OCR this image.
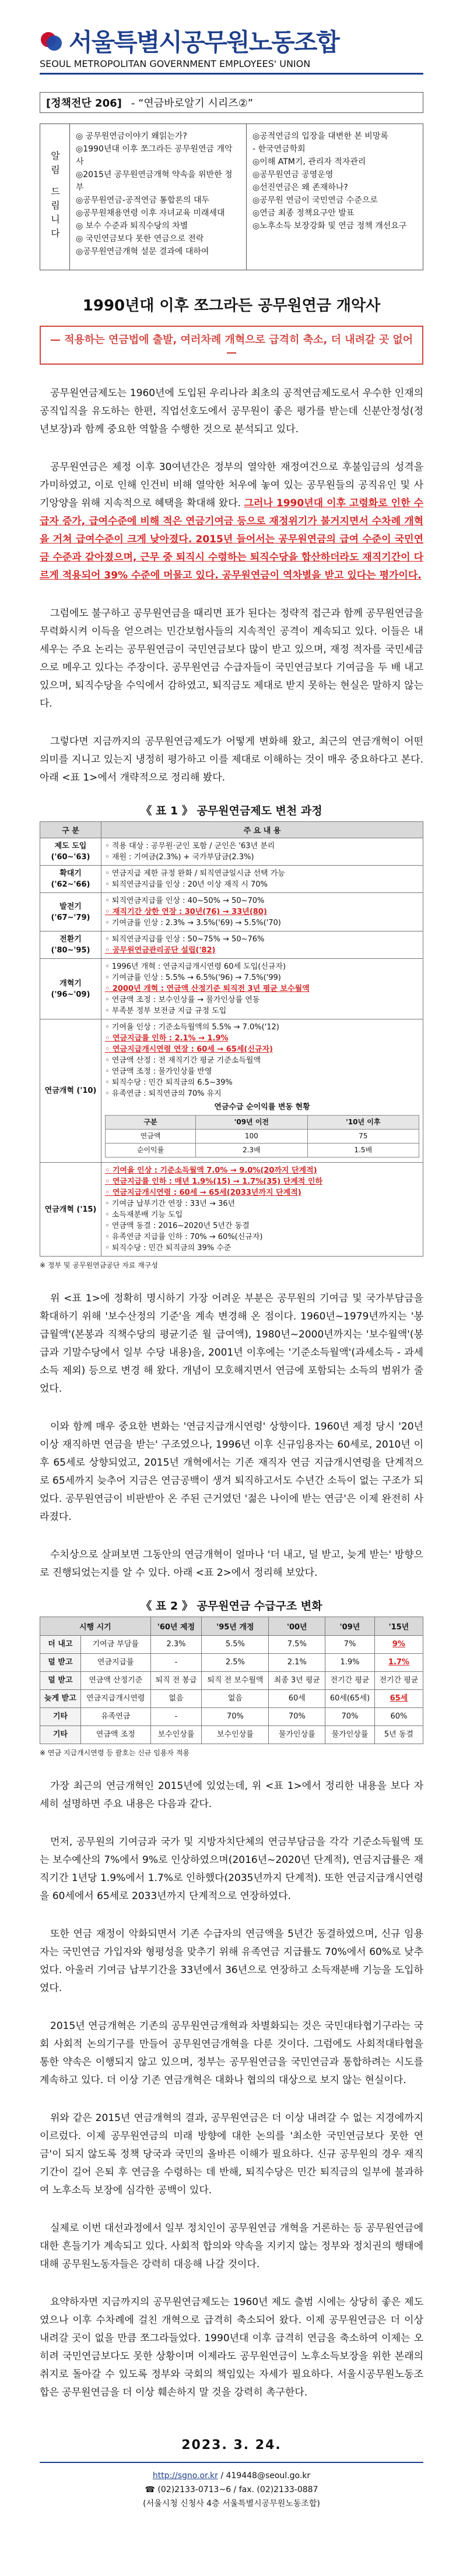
서울특별시공무원노동조합
SEOUL METROPOLITAN GOVERNMENT EMPLOYEES' UNION
[정책전단 206] - “연금바로알기 시리즈②”
알림 드림니다
◎ 공무원연금이야기 왜읽는가?
◎1990년대 이후 쪼그라든 공무원연금 개악사
◎2015년 공무원연금개혁 약속을 위반한 정부
◎공무원연금-공적연금 통합론의 대두
◎공무원채용연령 이후 자녀교육 미래세대
◎ 보수 수준과 퇴직수당의 차별
◎ 국민연금보다 못한 연금으로 전락
◎공무원연금개혁 설문 결과에 대하여
◎공적연금의 입장을 대변한 본 비망록
- 한국연금학회
◎이해 ATM기, 관리자 적자관리
◎공무원연금 공영운영
◎선진연금은 왜 존재하나?
◎공무원 연금이 국민연금 수준으로
◎연금 최종 정책요구안 발표
◎노후소득 보장강화 및 연금 정책 개선요구
1990년대 이후 쪼그라든 공무원연금 개악사
— 적용하는 연금법에 출발, 여러차례 개혁으로 급격히 축소, 더 내려갈 곳 없어 —

공무원연금제도는 1960년에 도입된 우리나라 최초의 공적연금제도로서 우수한 인재의 공직입직을 유도하는 한편, 직업선호도에서 공무원이 좋은 평가를 받는데 신분안정성(정년보장)과 함께 중요한 역할을 수행한 것으로 분석되고 있다.

공무원연금은 제정 이후 30여년간은 정부의 열악한 재정여건으로 후불임금의 성격을 가미하였고, 이로 인해 인건비 비해 열악한 처우에 놓여 있는 공무원들의 공직유인 및 사기앙양을 위해 지속적으로 혜택을 확대해 왔다. 그러나 1990년대 이후 고령화로 인한 수급자 증가, 급여수준에 비해 적은 연금기여금 등으로 재정위기가 불거지면서 수차례 개혁을 거쳐 급여수준이 크게 낮아졌다. 2015년 들어서는 공무원연금의 급여 수준이 국민연금 수준과 같아졌으며, 근무 중 퇴직시 수령하는 퇴직수당을 합산하더라도 재직기간이 다르게 적용되어 39% 수준에 머물고 있다. 공무원연금이 역차별을 받고 있다는 평가이다.

그럼에도 불구하고 공무원연금을 때리면 표가 된다는 정략적 접근과 함께 공무원연금을 무력화시켜 이득을 얻으려는 민간보험사들의 지속적인 공격이 계속되고 있다. 이들은 내세우는 주요 논리는 공무원연금이 국민연금보다 많이 받고 있으며, 재정 적자를 국민세금으로 메우고 있다는 주장이다. 공무원연금 수급자들이 국민연금보다 기여금을 두 배 내고 있으며, 퇴직수당을 수익에서 감하였고, 퇴직금도 제대로 받지 못하는 현실은 말하지 않는다.

그렇다면 지금까지의 공무원연금제도가 어떻게 변화해 왔고, 최근의 연금개혁이 어떤 의미를 지니고 있는지 냉정히 평가하고 이를 제대로 이해하는 것이 매우 중요하다고 본다. 아래 <표 1>에서 개략적으로 정리해 봤다.

《 표 1 》 공무원연금제도 변천 과정
구 분	주 요 내 용
제도 도입 ('60~'63)	
◦ 적용 대상 : 공무원·군인 포함 / 군인은 '63년 분리
◦ 재원 : 기여금(2.3%) + 국가부담금(2.3%)

확대기 ('62~'66)	
◦ 연금지급 제한 규정 완화 / 퇴직연금일시금 선택 가능
◦ 퇴직연금지급률 인상 : 20년 이상 재직 시 70%

발전기 ('67~'79)	
◦ 퇴직연금지급률 인상 : 40~50% → 50~70%
◦ 재직기간 상한 연장 : 30년(76) → 33년(80)
◦ 기여금률 인상 : 2.3% → 3.5%('69) → 5.5%('70)

전환기 ('80~'95)	
◦ 퇴직연금지급률 인상 : 50~75% → 50~76%
◦ 공무원연금관리공단 설립('82)

개혁기 ('96~'09)	
◦ 1996년 개혁 : 연금지급개시연령 60세 도입(신규자)
◦ 기여금률 인상 : 5.5% → 6.5%('96) → 7.5%('99)
◦ 2000년 개혁 : 연금액 산정기준 퇴직전 3년 평균 보수월액
◦ 연금액 조정 : 보수인상률 → 물가인상률 연동
◦ 부족분 정부 보전금 지급 규정 도입

연금개혁 ('10)	
◦ 기여율 인상 : 기준소득월액의 5.5% → 7.0%('12)
◦ 연금지급률 인하 : 2.1% → 1.9%
◦ 연금지급개시연령 연장 : 60세 → 65세(신규자)
◦ 연금액 산정 : 전 재직기간 평균 기준소득월액
◦ 연금액 조정 : 물가인상률 반영
◦ 퇴직수당 : 민간 퇴직금의 6.5~39%
◦ 유족연금 : 퇴직연금의 70% 유지
연금수급 순이익률 변동 현황
구분	'09년 이전	'10년 이후
연금액	100	75
순이익률	2.3배	1.5배

연금개혁 ('15)	
◦ 기여율 인상 : 기준소득월액 7.0% → 9.0%(20까지 단계적)
◦ 연금지급률 인하 : 매년 1.9%(15) → 1.7%(35) 단계적 인하
◦ 연금지급개시연령 : 60세 → 65세(2033년까지 단계적)
◦ 기여금 납부기간 연장 : 33년 → 36년
◦ 소득재분배 기능 도입
◦ 연금액 동결 : 2016~2020년 5년간 동결
◦ 유족연금 지급률 인하 : 70% → 60%(신규자)
◦ 퇴직수당 : 민간 퇴직금의 39% 수준
※ 정부 및 공무원연금공단 자료 재구성

위 <표 1>에 정확히 명시하기 가장 어려운 부분은 공무원의 기여금 및 국가부담금을 확대하기 위해 '보수산정의 기준'을 계속 변경해 온 점이다. 1960년~1979년까지는 '봉급월액'(본봉과 직책수당의 평균기준 월 급여액), 1980년~2000년까지는 '보수월액'(봉급과 기말수당에서 일부 수당 내용)을, 2001년 이후에는 '기준소득월액'(과세소득 - 과세소득 제외) 등으로 변경 해 왔다. 개념이 모호해지면서 연금에 포함되는 소득의 범위가 줄었다.

이와 함께 매우 중요한 변화는 '연금지급개시연령' 상향이다. 1960년 제정 당시 '20년 이상 재직하면 연금을 받는' 구조였으나, 1996년 이후 신규임용자는 60세로, 2010년 이후 65세로 상향되었고, 2015년 개혁에서는 기존 재직자 연금 지급개시연령을 단계적으로 65세까지 늦추어 지금은 연금공백이 생겨 퇴직하고서도 수년간 소득이 없는 구조가 되었다. 공무원연금이 비판받아 온 주된 근거였던 '젊은 나이에 받는 연금'은 이제 완전히 사라졌다.

수치상으로 살펴보면 그동안의 연금개혁이 얼마나 '더 내고, 덜 받고, 늦게 받는' 방향으로 진행되었는지를 알 수 있다. 아래 <표 2>에서 정리해 보았다.

《 표 2 》 공무원연금 수급구조 변화
시행 시기		'60년 제정	'95년 개정	'00년	'09년	'15년
더 내고	기여금 부담률	2.3%	5.5%	7.5%	7%	9%
덜 받고	연금지급률	-	2.5%	2.1%	1.9%	1.7%
덜 받고	연금액 산정기준	퇴직 전 봉급	퇴직 전 보수월액	최종 3년 평균	전기간 평균	전기간 평균
늦게 받고	연금지급개시연령	없음	없음	60세	60세(65세)	65세
기타	유족연금	-	70%	70%	70%	60%
기타	연금액 조정	보수인상률	보수인상률	물가인상률	물가인상률	5년 동결
※ 연금 지급개시연령 등 괄호는 신규 임용자 적용

가장 최근의 연금개혁인 2015년에 있었는데, 위 <표 1>에서 정리한 내용을 보다 자세히 설명하면 주요 내용은 다음과 같다.

먼저, 공무원의 기여금과 국가 및 지방자치단체의 연금부담금을 각각 기준소득월액 또는 보수예산의 7%에서 9%로 인상하였으며(2016년~2020년 단계적), 연금지급률은 재직기간 1년당 1.9%에서 1.7%로 인하했다(2035년까지 단계적). 또한 연금지급개시연령을 60세에서 65세로 2033년까지 단계적으로 연장하였다.

또한 연금 재정이 악화되면서 기존 수급자의 연금액을 5년간 동결하였으며, 신규 임용자는 국민연금 가입자와 형평성을 맞추기 위해 유족연금 지급률도 70%에서 60%로 낮추었다. 아울러 기여금 납부기간을 33년에서 36년으로 연장하고 소득재분배 기능을 도입하였다.

2015년 연금개혁은 기존의 공무원연금개혁과 차별화되는 것은 국민대타협기구라는 국회 사회적 논의기구를 만들어 공무원연금개혁을 다룬 것이다. 그럼에도 사회적대타협을 통한 약속은 이행되지 않고 있으며, 정부는 공무원연금을 국민연금과 통합하려는 시도를 계속하고 있다. 더 이상 기존 연금개혁은 대화나 협의의 대상으로 보지 않는 현실이다.

위와 같은 2015년 연금개혁의 결과, 공무원연금은 더 이상 내려갈 수 없는 지경에까지 이르렀다. 이제 공무원연금의 미래 방향에 대한 논의를 '최소한 국민연금보다 못한 연금'이 되지 않도록 정책 당국과 국민의 올바른 이해가 필요하다. 신규 공무원의 경우 재직기간이 길어 은퇴 후 연금을 수령하는 데 반해, 퇴직수당은 민간 퇴직금의 일부에 불과하여 노후소득 보장에 심각한 공백이 있다.

실제로 이번 대선과정에서 일부 정치인이 공무원연금 개혁을 거론하는 등 공무원연금에 대한 흔들기가 계속되고 있다. 사회적 합의와 약속을 지키지 않는 정부와 정치권의 행태에 대해 공무원노동자들은 강력히 대응해 나갈 것이다.

요약하자면 지금까지의 공무원연금제도는 1960년 제도 출범 시에는 상당히 좋은 제도였으나 이후 수차례에 걸친 개혁으로 급격히 축소되어 왔다. 이제 공무원연금은 더 이상 내려갈 곳이 없을 만큼 쪼그라들었다. 1990년대 이후 급격히 연금을 축소하여 이제는 오히려 국민연금보다도 못한 상황이며 이제라도 공무원연금이 노후소득보장을 위한 본래의 취지로 돌아갈 수 있도록 정부와 국회의 책임있는 자세가 필요하다. 서울시공무원노동조합은 공무원연금을 더 이상 훼손하지 말 것을 강력히 촉구한다.

2023. 3. 24.
http://sgno.or.kr / 419448@seoul.go.kr
☎ (02)2133-0713~6 / fax. (02)2133-0887
(서울시청 신청사 4층 서울특별시공무원노동조합)
